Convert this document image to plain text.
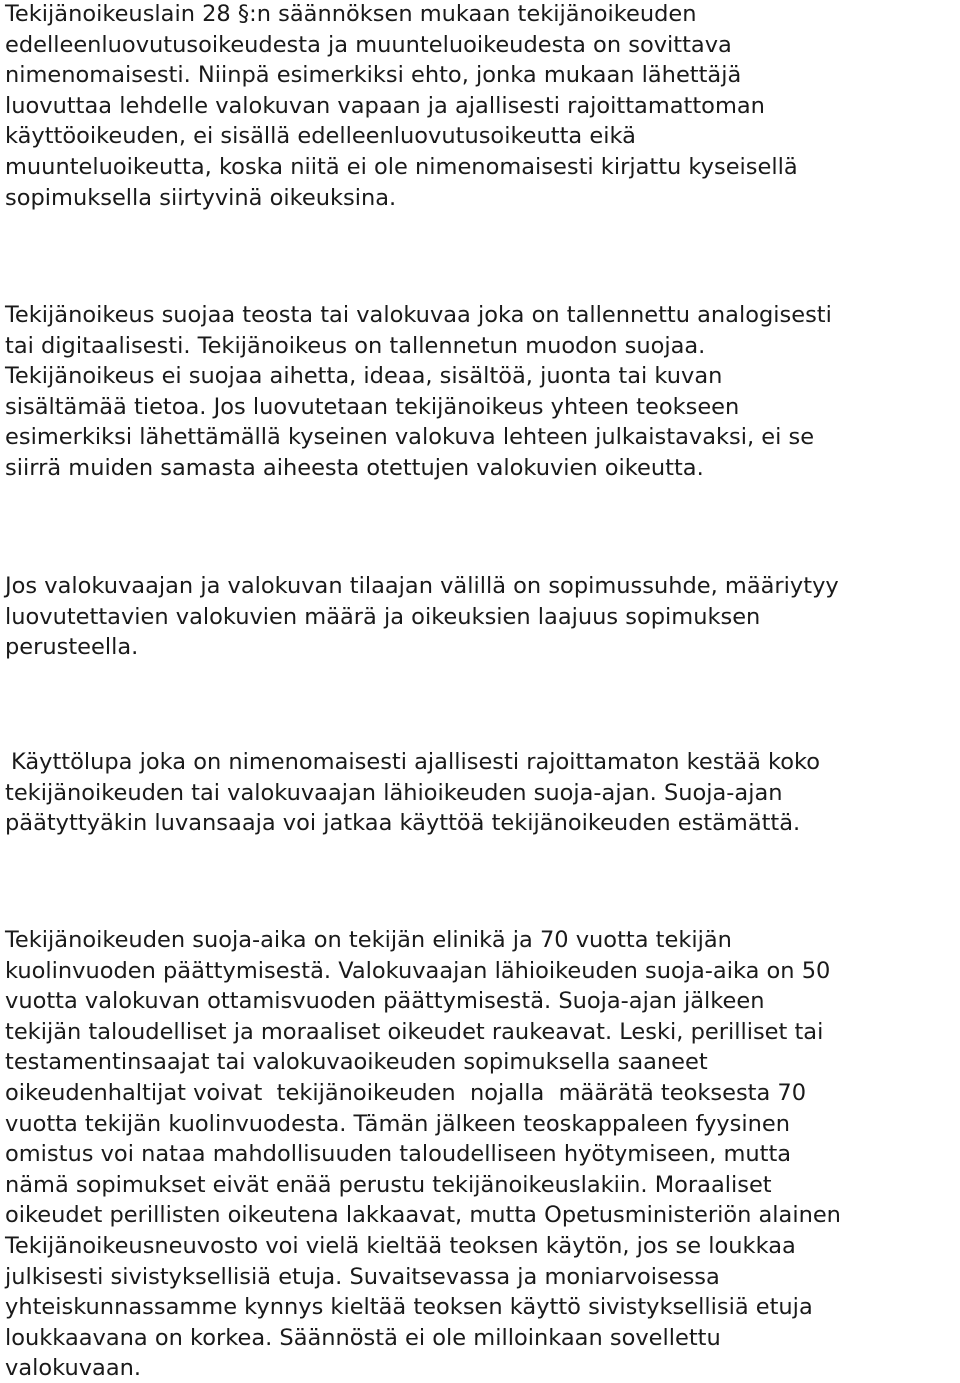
Tekijänoikeuslain 28 §:n säännöksen mukaan tekijänoikeuden
edelleenluovutusoikeudesta ja muunteluoikeudesta on sovittava
nimenomaisesti. Niinpä esimerkiksi ehto, jonka mukaan lähettäjä
luovuttaa lehdelle valokuvan vapaan ja ajallisesti rajoittamattoman
käyttöoikeuden, ei sisällä edelleenluovutusoikeutta eikä
muunteluoikeutta, koska niitä ei ole nimenomaisesti kirjattu kyseisellä
sopimuksella siirtyvinä oikeuksina.
Tekijänoikeus suojaa teosta tai valokuvaa joka on tallennettu analogisesti
tai digitaalisesti. Tekijänoikeus on tallennetun muodon suojaa.
Tekijänoikeus ei suojaa aihetta, ideaa, sisältöä, juonta tai kuvan
sisältämää tietoa. Jos luovutetaan tekijänoikeus yhteen teokseen
esimerkiksi lähettämällä kyseinen valokuva lehteen julkaistavaksi, ei se
siirrä muiden samasta aiheesta otettujen valokuvien oikeutta.
Jos valokuvaajan ja valokuvan tilaajan välillä on sopimussuhde, määriytyy
luovutettavien valokuvien määrä ja oikeuksien laajuus sopimuksen
perusteella.
Käyttölupa joka on nimenomaisesti ajallisesti rajoittamaton kestää koko
tekijänoikeuden tai valokuvaajan lähioikeuden suoja-ajan. Suoja-ajan
päätyttyäkin luvansaaja voi jatkaa käyttöä tekijänoikeuden estämättä.
Tekijänoikeuden suoja-aika on tekijän elinikä ja 70 vuotta tekijän
kuolinvuoden päättymisestä. Valokuvaajan lähioikeuden suoja-aika on 50
vuotta valokuvan ottamisvuoden päättymisestä. Suoja-ajan jälkeen
tekijän taloudelliset ja moraaliset oikeudet raukeavat. Leski, perilliset tai
testamentinsaajat tai valokuvaoikeuden sopimuksella saaneet
oikeudenhaltijat voivat  tekijänoikeuden  nojalla  määrätä teoksesta 70
vuotta tekijän kuolinvuodesta. Tämän jälkeen teoskappaleen fyysinen
omistus voi nataa mahdollisuuden taloudelliseen hyötymiseen, mutta
nämä sopimukset eivät enää perustu tekijänoikeuslakiin. Moraaliset
oikeudet perillisten oikeutena lakkaavat, mutta Opetusministeriön alainen
Tekijänoikeusneuvosto voi vielä kieltää teoksen käytön, jos se loukkaa
julkisesti sivistyksellisiä etuja. Suvaitsevassa ja moniarvoisessa
yhteiskunnassamme kynnys kieltää teoksen käyttö sivistyksellisiä etuja
loukkaavana on korkea. Säännöstä ei ole milloinkaan sovellettu
valokuvaan.
